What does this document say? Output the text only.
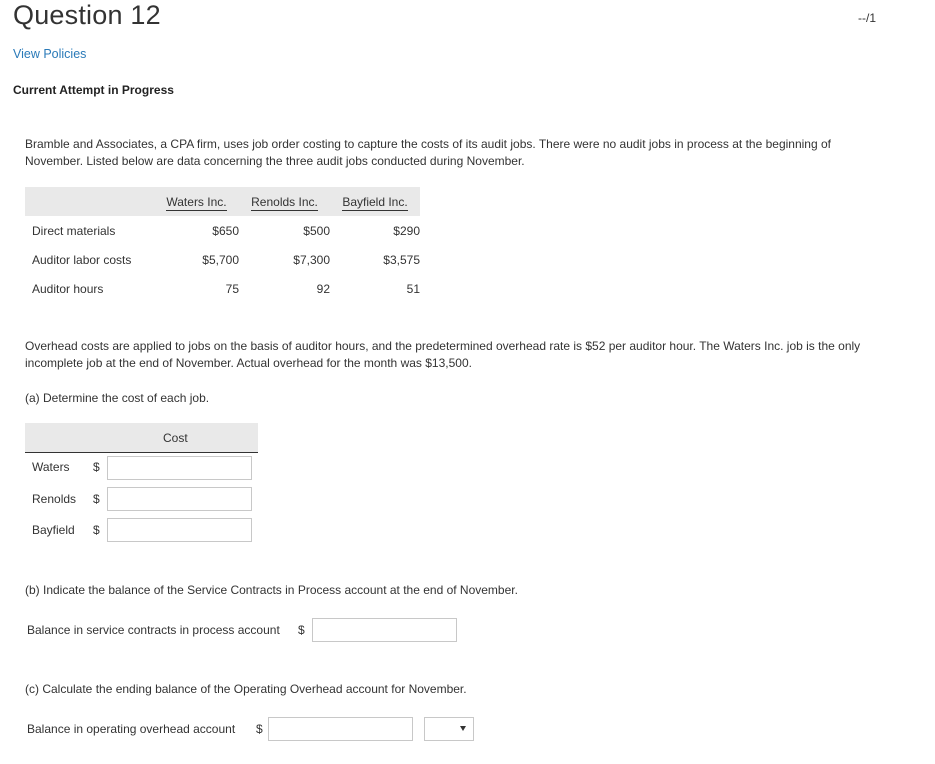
Question 12	--/1
View Policies
Current Attempt in Progress
Bramble and Associates, a CPA firm, uses job order costing to capture the costs of its audit jobs. There were no audit jobs in process at the beginning of November. Listed below are data concerning the three audit jobs conducted during November.
	Waters Inc.	Renolds Inc.	Bayfield Inc.
Direct materials	$650	$500	$290
Auditor labor costs	$5,700	$7,300	$3,575
Auditor hours	75	92	51
Overhead costs are applied to jobs on the basis of auditor hours, and the predetermined overhead rate is $52 per auditor hour. The Waters Inc. job is the only incomplete job at the end of November. Actual overhead for the month was $13,500.
(a) Determine the cost of each job.
Cost
Waters $
Renolds $
Bayfield $
(b) Indicate the balance of the Service Contracts in Process account at the end of November.
Balance in service contracts in process account $
(c) Calculate the ending balance of the Operating Overhead account for November.
Balance in operating overhead account $
